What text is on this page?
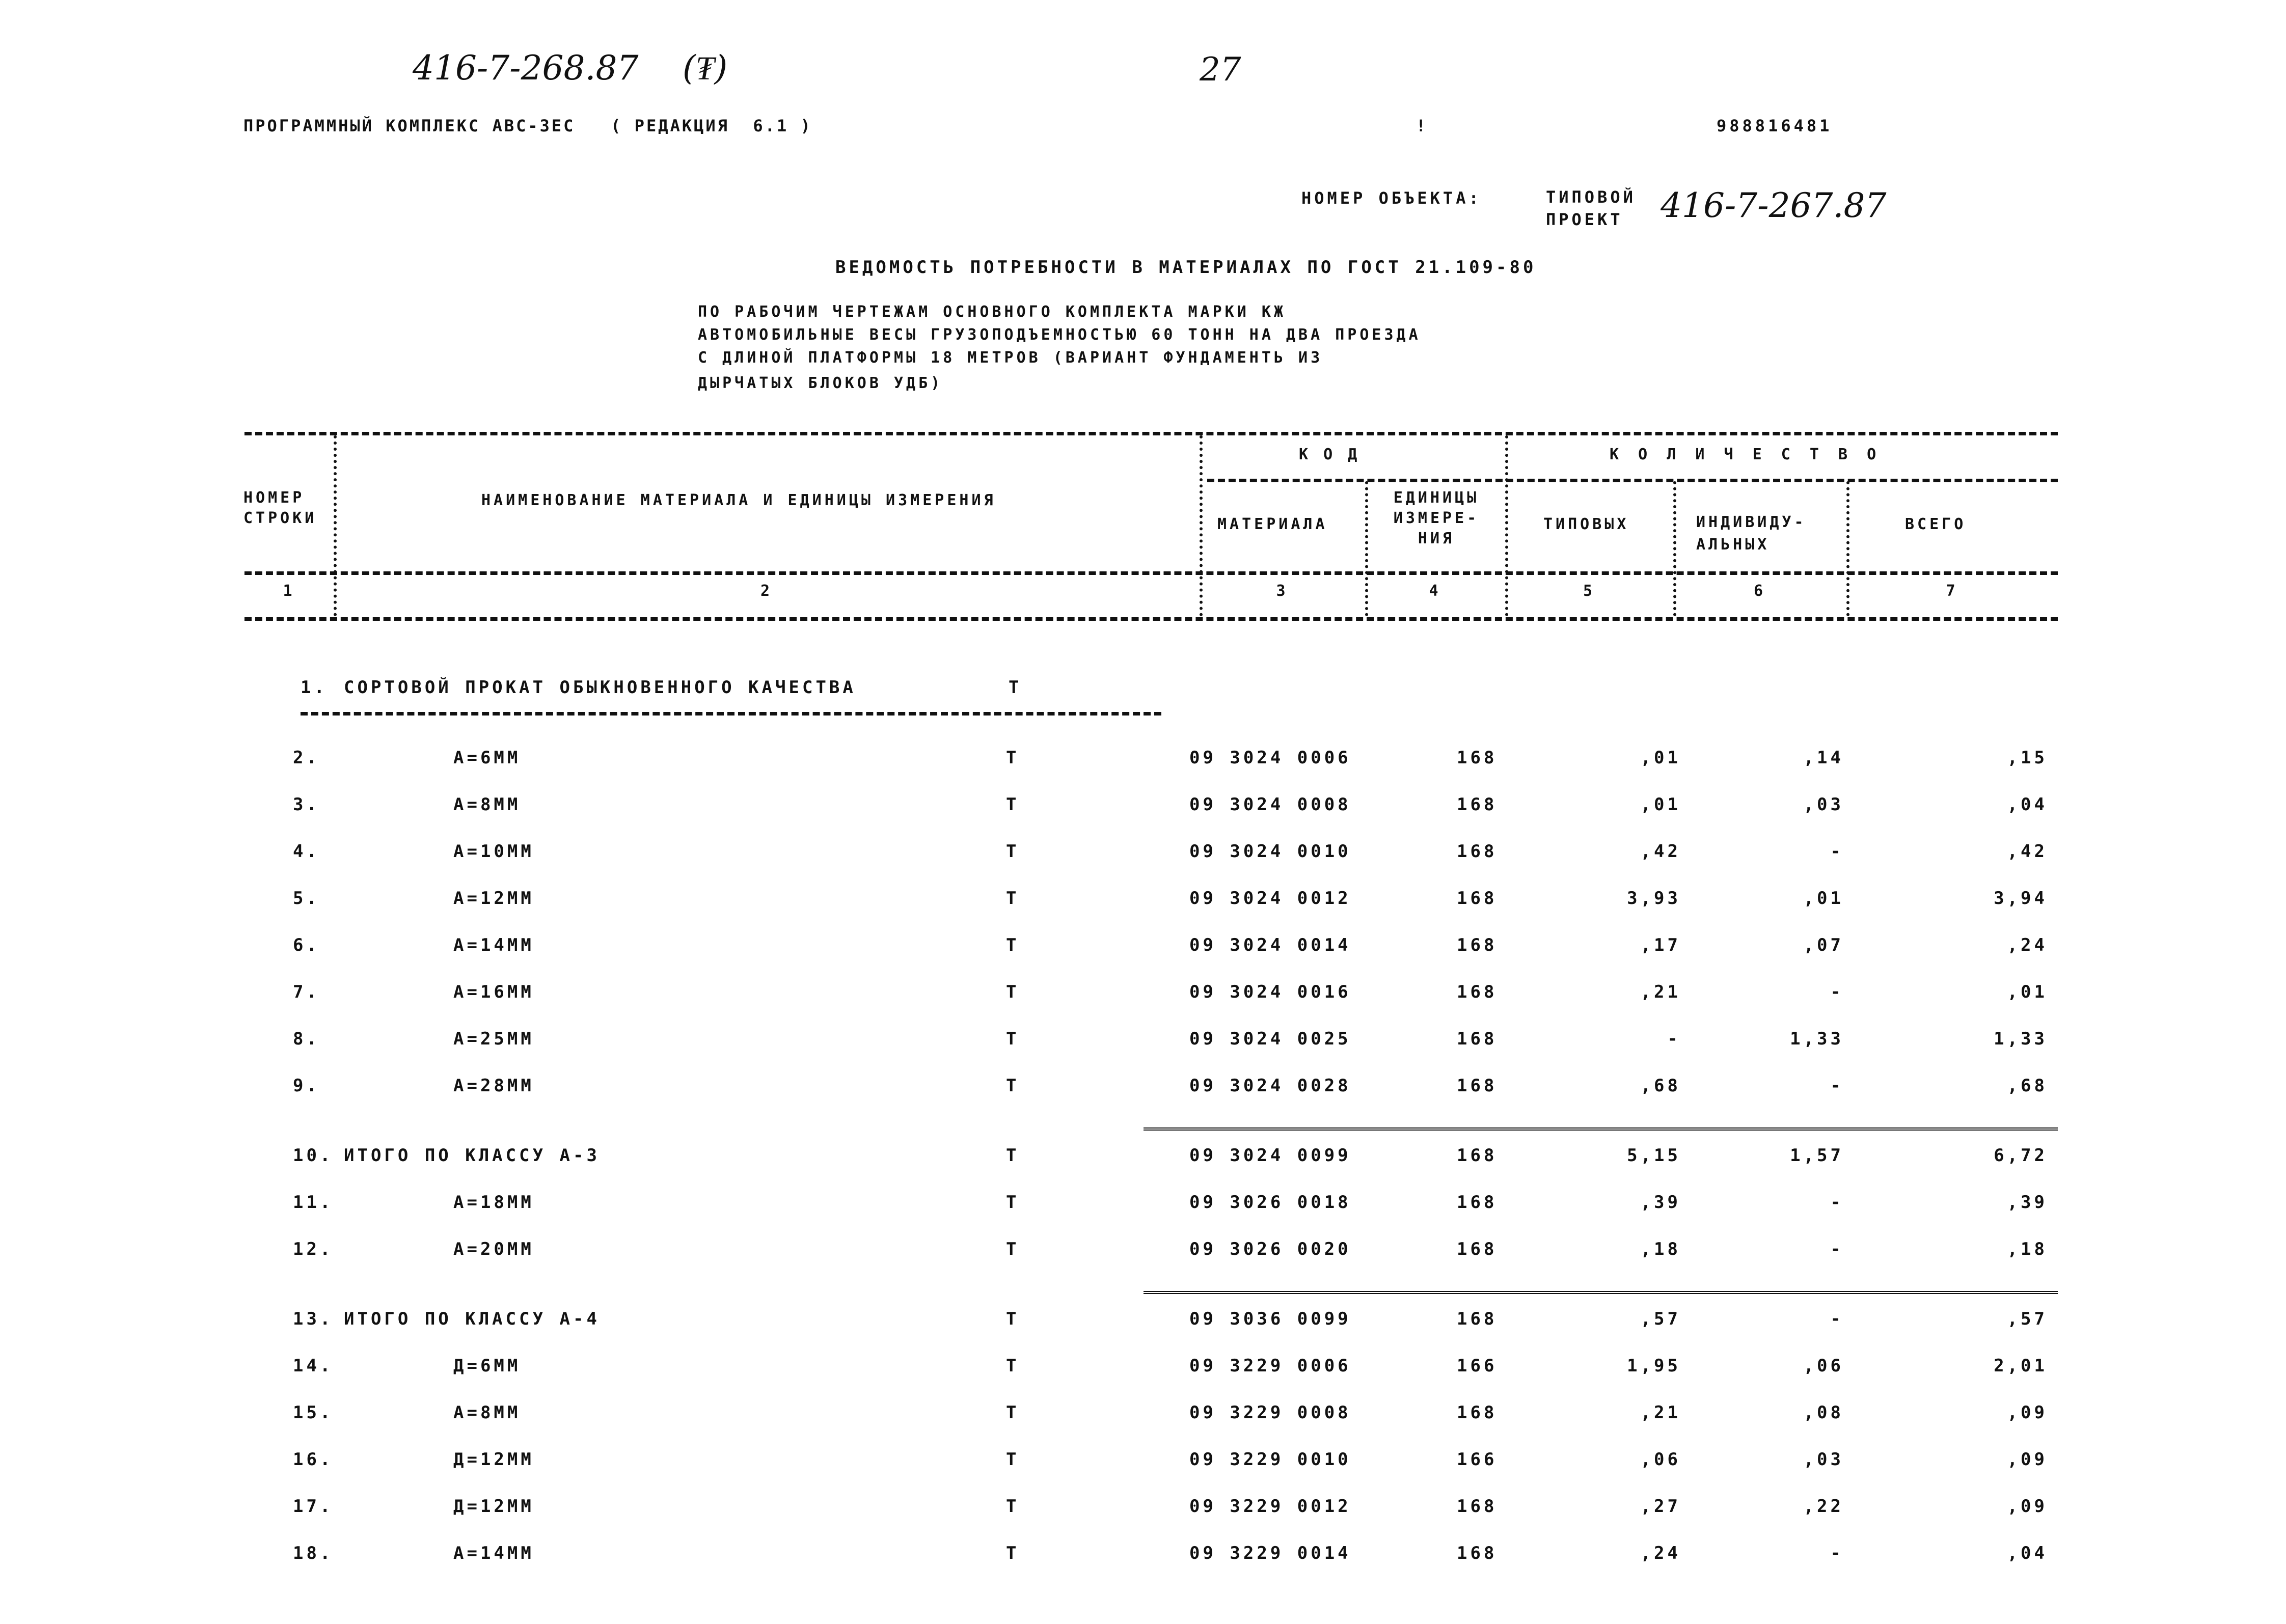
416-7-268.87 (₮)	27
ПРОГРАММНЫЙ КОМПЛЕКС АВС-3ЕС   ( РЕДАКЦИЯ  6.1 )	!	988816481
НОМЕР ОБЪЕКТА:	ТИПОВОЙ
ПРОЕКТ 416-7-267.87
ВЕДОМОСТЬ ПОТРЕБНОСТИ В МАТЕРИАЛАХ ПО ГОСТ 21.109-80
ПО РАБОЧИМ ЧЕРТЕЖАМ ОСНОВНОГО КОМПЛЕКТА МАРКИ КЖ
АВТОМОБИЛЬНЫЕ ВЕСЫ ГРУЗОПОДЪЕМНОСТЬЮ 60 ТОНН НА ДВА ПРОЕЗДА
С ДЛИНОЙ ПЛАТФОРМЫ 18 МЕТРОВ (ВАРИАНТ ФУНДАМЕНТЬ ИЗ
ДЫРЧАТЫХ БЛОКОВ УДБ)
НОМЕР
СТРОКИ
НАИМЕНОВАНИЕ МАТЕРИАЛА И ЕДИНИЦЫ ИЗМЕРЕНИЯ
К О Д
МАТЕРИАЛА
ЕДИНИЦЫ
ИЗМЕРЕ-
НИЯ
К О Л И Ч Е С Т В О
ТИПОВЫХ	ИНДИВИДУ-
АЛЬНЫХ
ВСЕГО
1	2	3	4	5	6	7
1. СОРТОВОЙ ПРОКАТ ОБЫКНОВЕННОГО КАЧЕСТВА	Т
2.	А=6ММ	Т	09 3024 0006	168	,01	,14	,15
3.	А=8ММ	Т	09 3024 0008	168	,01	,03	,04
4.	А=10ММ	Т	09 3024 0010	168	,42	-	,42
5.	А=12ММ	Т	09 3024 0012	168	3,93	,01	3,94
6.	А=14ММ	Т	09 3024 0014	168	,17	,07	,24
7.	А=16ММ	Т	09 3024 0016	168	,21	-	,01
8.	А=25ММ	Т	09 3024 0025	168	-	1,33	1,33
9.	А=28ММ	Т	09 3024 0028	168	,68	-	,68
10. ИТОГО ПО КЛАССУ А-3	Т	09 3024 0099	168	5,15	1,57	6,72
11.	А=18ММ	Т	09 3026 0018	168	,39	-	,39
12.	А=20ММ	Т	09 3026 0020	168	,18	-	,18
13. ИТОГО ПО КЛАССУ А-4	Т	09 3036 0099	168	,57	-	,57
14.	Д=6ММ	Т	09 3229 0006	166	1,95	,06	2,01
15.	А=8ММ	Т	09 3229 0008	168	,21	,08	,09
16.	Д=12ММ	Т	09 3229 0010	166	,06	,03	,09
17.	Д=12ММ	Т	09 3229 0012	168	,27	,22	,09
18.	А=14ММ	Т	09 3229 0014	168	,24	-	,04
